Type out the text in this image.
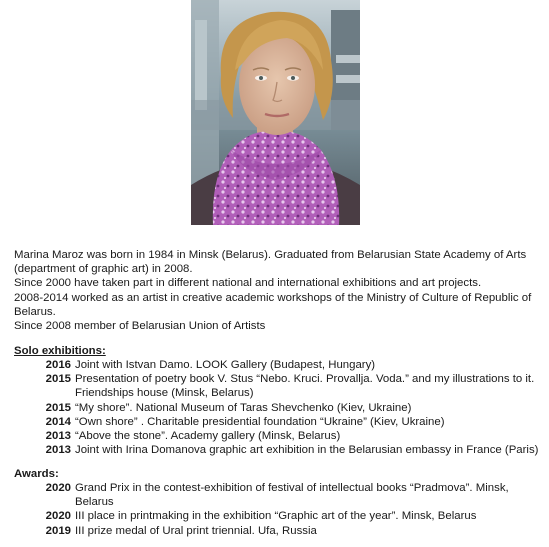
Marina Maroz was born in 1984 in Minsk (Belarus). Graduated from Belarusian State Academy of Arts (department of graphic art) in 2008.

Since 2000 have taken part in different national and international exhibitions and art projects.

2008-2014 worked as an artist in creative academic workshops of the Ministry of Culture of Republic of Belarus.

Since 2008 member of Belarusian Union of Artists

Solo exhibitions:
2016 Joint with Istvan Damo. LOOK Gallery (Budapest, Hungary)
2015 Presentation of poetry book V. Stus “Nebo. Kruci. Provallja. Voda.” and my illustrations to it. Friendships house (Minsk, Belarus)
2015 “My shore”. National Museum of Taras Shevchenko (Kiev, Ukraine)
2014 “Own shore” . Charitable presidential foundation “Ukraine” (Kiev, Ukraine)
2013 “Above the stone”. Academy gallery (Minsk, Belarus)
2013 Joint with Irina Domanova graphic art exhibition in the Belarusian embassy in France (Paris)
Awards:
2020 Grand Prix in the contest-exhibition of festival of intellectual books “Pradmova”. Minsk, Belarus
2020 III place in printmaking in the exhibition “Graphic art of the year”. Minsk, Belarus
2019 III prize medal of Ural print triennial. Ufa, Russia
